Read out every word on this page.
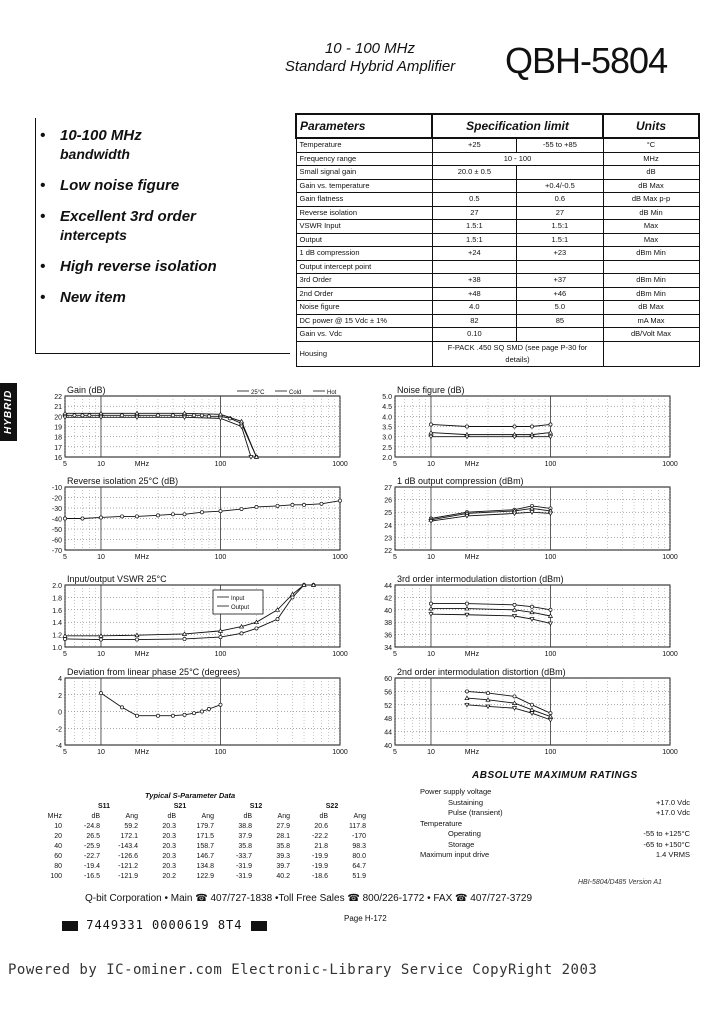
10 - 100 MHz
Standard Hybrid Amplifier	QBH-5804
HYBRID
• 10-100 MHz
bandwidth
• Low noise figure
• Excellent 3rd order
intercepts
• High reverse isolation
• New item
Parameters	Specification limit		Units
Temperature	+25	-55 to +85	°C
Frequency range	10 - 100		MHz
Small signal gain	20.0 ± 0.5		dB
Gain vs. temperature		+0.4/-0.5	dB Max
Gain flatness	0.5	0.6	dB Max p-p
Reverse isolation	27	27	dB Min
VSWR Input	1.5:1	1.5:1	Max
Output	1.5:1	1.5:1	Max
1 dB compression	+24	+23	dBm Min
Output intercept point			
3rd Order	+38	+37	dBm Min
2nd Order	+48	+46	dBm Min
Noise figure	4.0	5.0	dB Max
DC power @ 15 Vdc ± 1%	82	85	mA Max
Gain vs. Vdc	0.10		dB/Volt Max
Housing	F-PACK .450 SQ SMD (see page P-30 for details)		
22
21
20
19
18
17
16
5	10	100	1000
MHz
Gain (dB)	25°C	Cold	Hot
5.0
4.5
4.0
3.5
3.0
2.5
2.0
5	10	100	1000
MHz
Noise figure (dB)
-10
-20
-30
-40
-50
-60
-70
5	10	100	1000
MHz
Reverse isolation 25°C (dB)
27
26
25
24
23
22
5	10	100	1000
MHz
1 dB output compression (dBm)
2.0
1.8
1.6
1.4
1.2
1.0
5	10	100	1000
MHz
Input/output VSWR 25°C
Input
Output
44
42
40
38
36
34
5	10	100	1000
MHz
3rd order intermodulation distortion (dBm)
4
2
0
-2
-4
5	10	100	1000
MHz
Deviation from linear phase 25°C (degrees)
60
56
52
48
44
40
5	10	100	1000
MHz
2nd order intermodulation distortion (dBm)
ABSOLUTE MAXIMUM RATINGS
Power supply voltage
Sustaining	+17.0 Vdc
Pulse (transient)	+17.0 Vdc
Temperature
Operating	-55 to +125°C
Storage	-65 to +150°C
Maximum input drive	1.4 VRMS
Typical S-Parameter Data
	S11		S21		S12		S22	
MHz	dB	Ang	dB	Ang	dB	Ang	dB	Ang
10	-24.8	59.2	20.3	179.7	38.8	27.9	20.6	117.8
20	26.5	172.1	20.3	171.5	37.9	28.1	-22.2	-170
40	-25.9	-143.4	20.3	158.7	35.8	35.8	21.8	98.3
60	-22.7	-126.6	20.3	146.7	-33.7	39.3	-19.9	80.0
80	-19.4	-121.2	20.3	134.8	-31.9	39.7	-19.9	64.7
100	-16.5	-121.9	20.2	122.9	-31.9	40.2	-18.6	51.9
HBI-5804/D485 Version A1
Q-bit Corporation • Main ☎ 407/727-1838 •Toll Free Sales ☎ 800/226-1772 • FAX ☎ 407/727-3729
7449331 0000619 8T4	Page H-172
Powered by IC-ominer.com Electronic-Library Service CopyRight 2003
